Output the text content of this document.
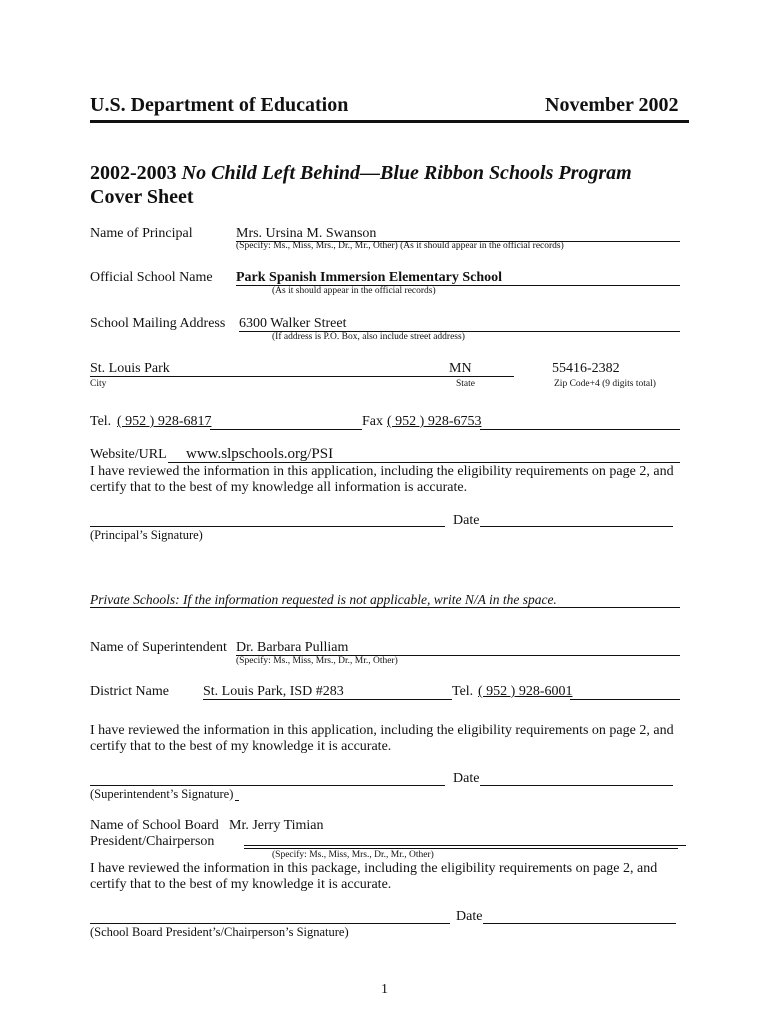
U.S. Department of Education	November 2002
2002-2003 No Child Left Behind—Blue Ribbon Schools Program
Cover Sheet
Name of Principal	Mrs. Ursina M. Swanson
(Specify: Ms., Miss, Mrs., Dr., Mr., Other) (As it should appear in the official records)
Official School Name Park Spanish Immersion Elementary School
(As it should appear in the official records)
School Mailing Address 6300 Walker Street
(If address is P.O. Box, also include street address)
St. Louis Park	MN	55416-2382
City	State	Zip Code+4 (9 digits total)
Tel. ( 952 ) 928-6817	Fax ( 952 ) 928-6753
Website/URL www.slpschools.org/PSI
I have reviewed the information in this application, including the eligibility requirements on page 2, and certify that to the best of my knowledge all information is accurate.
Date
(Principal’s Signature)
Private Schools: If the information requested is not applicable, write N/A in the space.
Name of Superintendent Dr. Barbara Pulliam
(Specify: Ms., Miss, Mrs., Dr., Mr., Other)
District Name St. Louis Park, ISD #283	Tel. ( 952 ) 928-6001
I have reviewed the information in this application, including the eligibility requirements on page 2, and certify that to the best of my knowledge it is accurate.
Date
(Superintendent’s Signature)
Name of School Board Mr. Jerry Timian
President/Chairperson
(Specify: Ms., Miss, Mrs., Dr., Mr., Other)
I have reviewed the information in this package, including the eligibility requirements on page 2, and certify that to the best of my knowledge it is accurate.
Date
(School Board President’s/Chairperson’s Signature)
1
